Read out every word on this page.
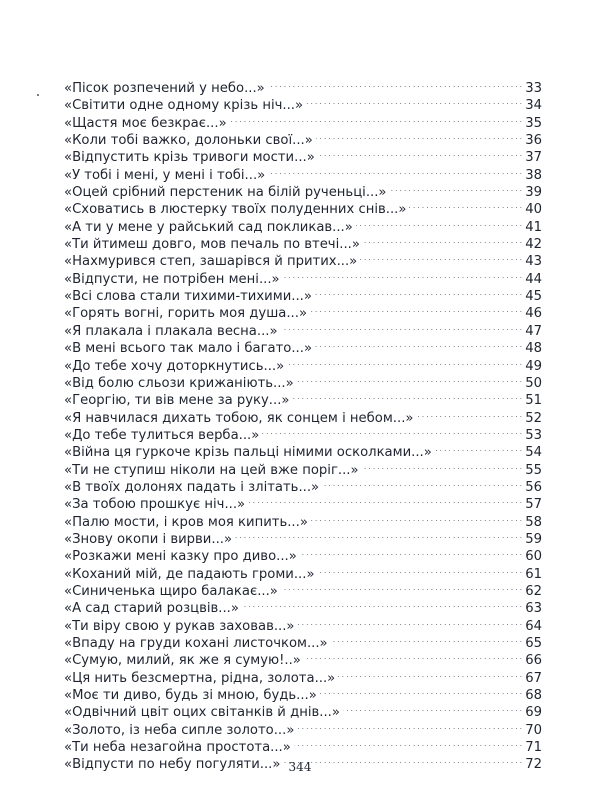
«Пісок розпечений у небо...» . . .	33
«Світити одне одному крізь ніч...» . . .	34
«Щастя моє безкрає...» . . .	35
«Коли тобі важко, долоньки свої...» . . .	36
«Відпустить крізь тривоги мости...» . . .	37
«У тобі і мені, у мені і тобі...» . . .	38
«Оцей срібний перстеник на білій рученьці...» . . .	39
«Сховатись в люстерку твоїх полуденних снів...» . . .	40
«А ти у мене у райський сад покликав...» . . .	41
«Ти йтимеш довго, мов печаль по втечі...» . . .	42
«Нахмурився степ, зашарівся й притих...» . . .	43
«Відпусти, не потрібен мені...» . . .	44
«Всі слова стали тихими-тихими...» . . .	45
«Горять вогні, горить моя душа...» . . .	46
«Я плакала і плакала весна...» . . .	47
«В мені всього так мало і багато...» . . .	48
«До тебе хочу доторкнутись...» . . .	49
«Від болю сльози крижаніють...» . . .	50
«Георгію, ти вів мене за руку...» . . .	51
«Я навчилася дихать тобою, як сонцем і небом...» . . .	52
«До тебе тулиться верба...» . . .	53
«Війна ця гуркоче крізь пальці німими осколками...» . . .	54
«Ти не ступиш ніколи на цей вже поріг...» . . .	55
«В твоїх долонях падать і злітать...» . . .	56
«За тобою прошкує ніч...» . . .	57
«Палю мости, і кров моя кипить...» . . .	58
«Знову окопи і вирви...» . . .	59
«Розкажи мені казку про диво...» . . .	60
«Коханий мій, де падають громи...» . . .	61
«Синиченька щиро балакає...» . . .	62
«А сад старий розцвів...» . . .	63
«Ти віру свою у рукав заховав...» . . .	64
«Впаду на груди кохані листочком...» . . .	65
«Сумую, милий, як же я сумую!..» . . .	66
«Ця нить безсмертна, рідна, золота...» . . .	67
«Моє ти диво, будь зі мною, будь...» . . .	68
«Одвічний цвіт оцих світанків й днів...» . . .	69
«Золото, із неба сипле золото...» . . .	70
«Ти неба незагойна простота...» . . .	71
«Відпусти по небу погуляти...» . . .	72
344
